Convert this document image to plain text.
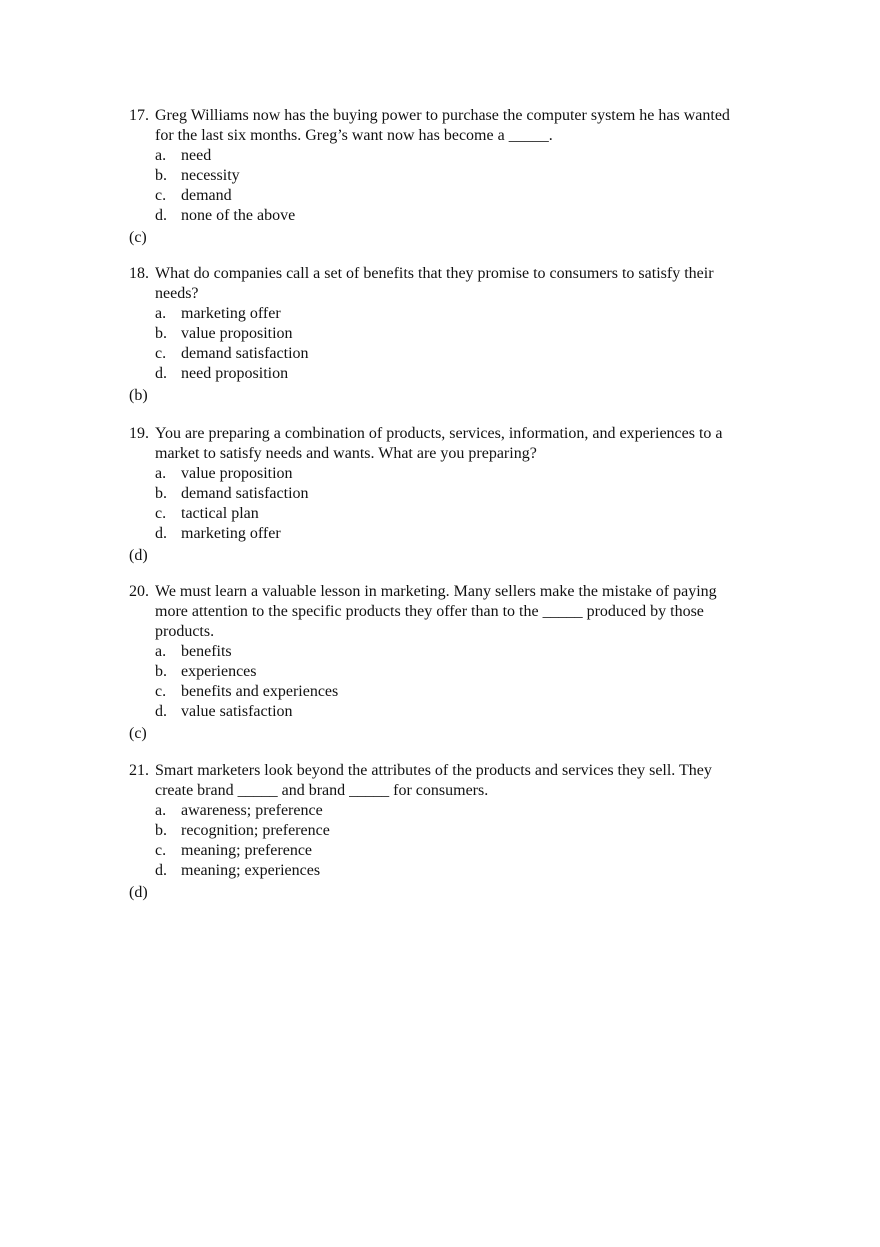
17. Greg Williams now has the buying power to purchase the computer system he has wanted for the last six months. Greg’s want now has become a _____.

a. need
b. necessity
c. demand
d. none of the above
(c)

18. What do companies call a set of benefits that they promise to consumers to satisfy their needs?

a. marketing offer
b. value proposition
c. demand satisfaction
d. need proposition
(b)

19. You are preparing a combination of products, services, information, and experiences to a market to satisfy needs and wants. What are you preparing?

a. value proposition
b. demand satisfaction
c. tactical plan
d. marketing offer
(d)

20. We must learn a valuable lesson in marketing. Many sellers make the mistake of paying more attention to the specific products they offer than to the _____ produced by those products.

a. benefits
b. experiences
c. benefits and experiences
d. value satisfaction
(c)

21. Smart marketers look beyond the attributes of the products and services they sell. They create brand _____ and brand _____ for consumers.

a. awareness; preference
b. recognition; preference
c. meaning; preference
d. meaning; experiences
(d)
